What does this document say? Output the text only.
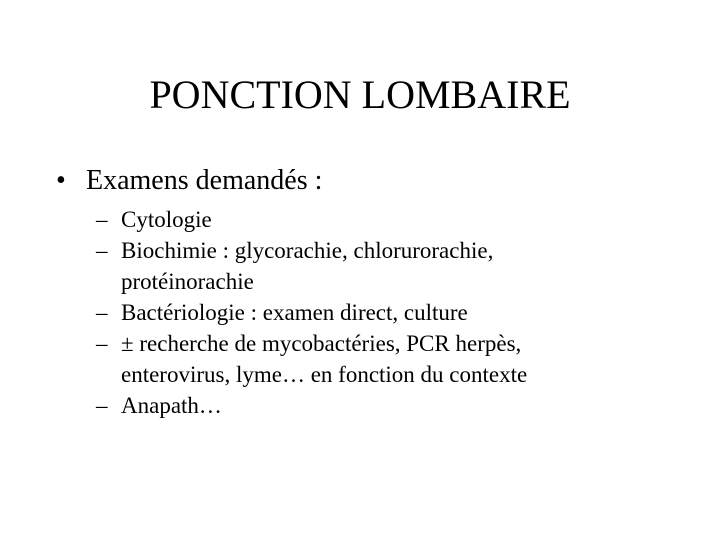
PONCTION LOMBAIRE
• Examens demandés :
– Cytologie
– Biochimie : glycorachie, chlorurorachie,
protéinorachie
– Bactériologie : examen direct, culture
– ± recherche de mycobactéries, PCR herpès,
enterovirus, lyme… en fonction du contexte
– Anapath…
